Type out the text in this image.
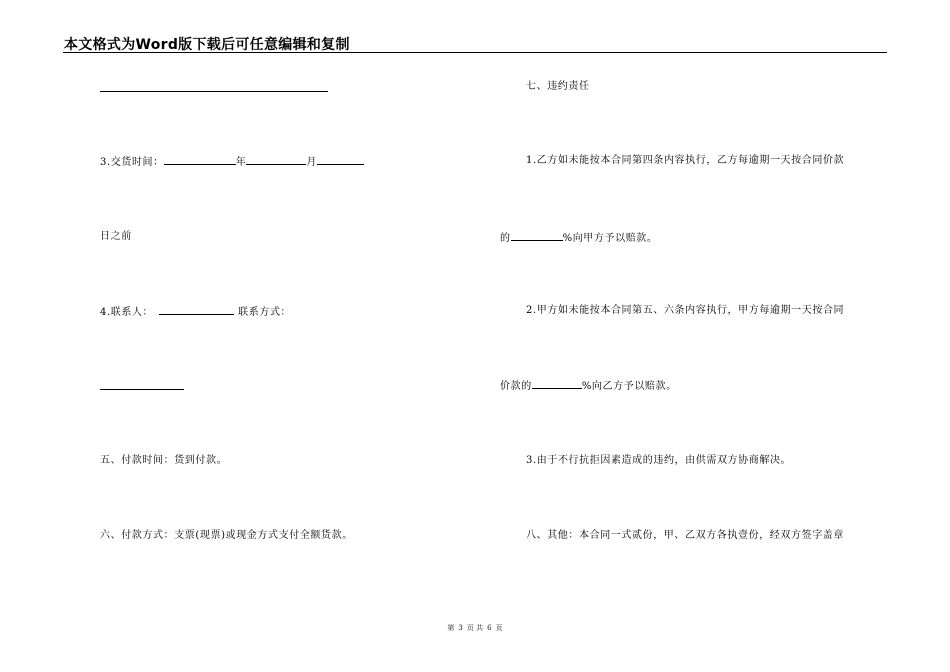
本文格式为Word版下载后可任意编辑和复制
3.交货时间：	年	月
日之前
4.联系人：	联系方式：
五、付款时间：货到付款。
六、付款方式：支票(现票)或现金方式支付全额货款。
七、违约责任
1.乙方如未能按本合同第四条内容执行，乙方每逾期一天按合同价款
的	%向甲方予以赔款。
2.甲方如未能按本合同第五、六条内容执行，甲方每逾期一天按合同
价款的	%向乙方予以赔款。
3.由于不行抗拒因素造成的违约，由供需双方协商解决。
八、其他：本合同一式贰份，甲、乙双方各执壹份，经双方签字盖章
第 3 页 共 6 页
